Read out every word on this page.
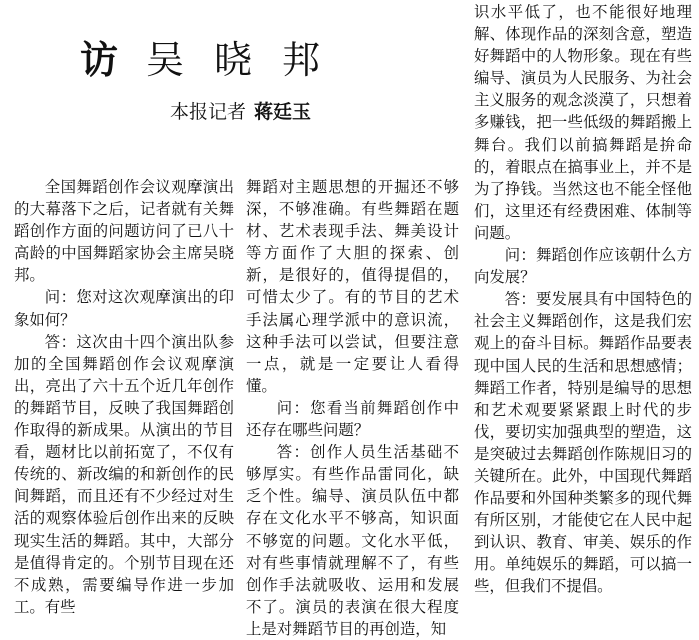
访 吴晓邦
本报记者 蒋廷玉

全国舞蹈创作会议观摩演出的大幕落下之后，记者就有关舞蹈创作方面的问题访问了已八十高龄的中国舞蹈家协会主席吴晓邦。

问：您对这次观摩演出的印象如何？

答：这次由十四个演出队参加的全国舞蹈创作会议观摩演出，亮出了六十五个近几年创作的舞蹈节目，反映了我国舞蹈创作取得的新成果。从演出的节目看，题材比以前拓宽了，不仅有传统的、新改编的和新创作的民间舞蹈，而且还有不少经过对生活的观察体验后创作出来的反映现实生活的舞蹈。其中，大部分是值得肯定的。个别节目现在还不成熟，需要编导作进一步加工。有些

舞蹈对主题思想的开掘还不够深，不够准确。有些舞蹈在题材、艺术表现手法、舞美设计等方面作了大胆的探索、创新，是很好的，值得提倡的，可惜太少了。有的节目的艺术手法属心理学派中的意识流，这种手法可以尝试，但要注意一点，就是一定要让人看得懂。

问：您看当前舞蹈创作中还存在哪些问题？

答：创作人员生活基础不够厚实。有些作品雷同化，缺乏个性。编导、演员队伍中都存在文化水平不够高，知识面不够宽的问题。文化水平低，对有些事情就理解不了，有些创作手法就吸收、运用和发展不了。演员的表演在很大程度上是对舞蹈节目的再创造，知

识水平低了，也不能很好地理解、体现作品的深刻含意，塑造好舞蹈中的人物形象。现在有些编导、演员为人民服务、为社会主义服务的观念淡漠了，只想着多赚钱，把一些低级的舞蹈搬上舞台。我们以前搞舞蹈是拚命的，着眼点在搞事业上，并不是为了挣钱。当然这也不能全怪他们，这里还有经费困难、体制等问题。

问：舞蹈创作应该朝什么方向发展？

答：要发展具有中国特色的社会主义舞蹈创作，这是我们宏观上的奋斗目标。舞蹈作品要表现中国人民的生活和思想感情；舞蹈工作者，特别是编导的思想和艺术观要紧紧跟上时代的步伐，要切实加强典型的塑造，这是突破过去舞蹈创作陈规旧习的关键所在。此外，中国现代舞蹈作品要和外国种类繁多的现代舞有所区别，才能使它在人民中起到认识、教育、审美、娱乐的作用。单纯娱乐的舞蹈，可以搞一些，但我们不提倡。
